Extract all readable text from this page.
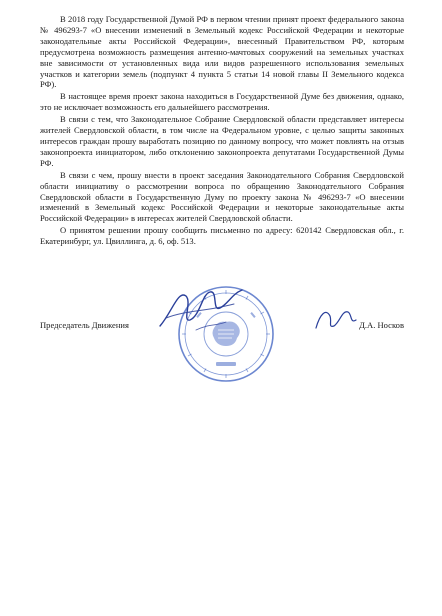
В 2018 году Государственной Думой РФ в первом чтении принят проект федерального закона № 496293-7 «О внесении изменений в Земельный кодекс Российской Федерации и некоторые законодательные акты Российской Федерации», внесенный Правительством РФ, которым предусмотрена возможность размещения антенно-мачтовых сооружений на земельных участках вне зависимости от установленных вида или видов разрешенного использования земельных участков и категории земель (подпункт 4 пункта 5 статьи 14 новой главы II Земельного кодекса РФ).

В настоящее время проект закона находиться в Государственной Думе без движения, однако, это не исключает возможность его дальнейшего рассмотрения.

В связи с тем, что Законодательное Собрание Свердловской области представляет интересы жителей Свердловской области, в том числе на Федеральном уровне, с целью защиты законных интересов граждан прошу выработать позицию по данному вопросу, что может повлиять на отзыв законопроекта инициатором, либо отклонению законопроекта депутатами Государственной Думы РФ.

В связи с чем, прошу внести в проект заседания Законодательного Собрания Свердловской области инициативу о рассмотрении вопроса по обращению Законодательного Собрания Свердловской области в Государственную Думу по проекту закона № 496293-7 «О внесении изменений в Земельный кодекс Российской Федерации и некоторые законодательные акты Российской Федерации» в интересах жителей Свердловской области.

О принятом решении прошу сообщить письменно по адресу: 620142 Свердловская обл., г. Екатеринбург, ул. Цвиллинга, д. 6, оф. 513.

Председатель Движения	Д.А. Носков
